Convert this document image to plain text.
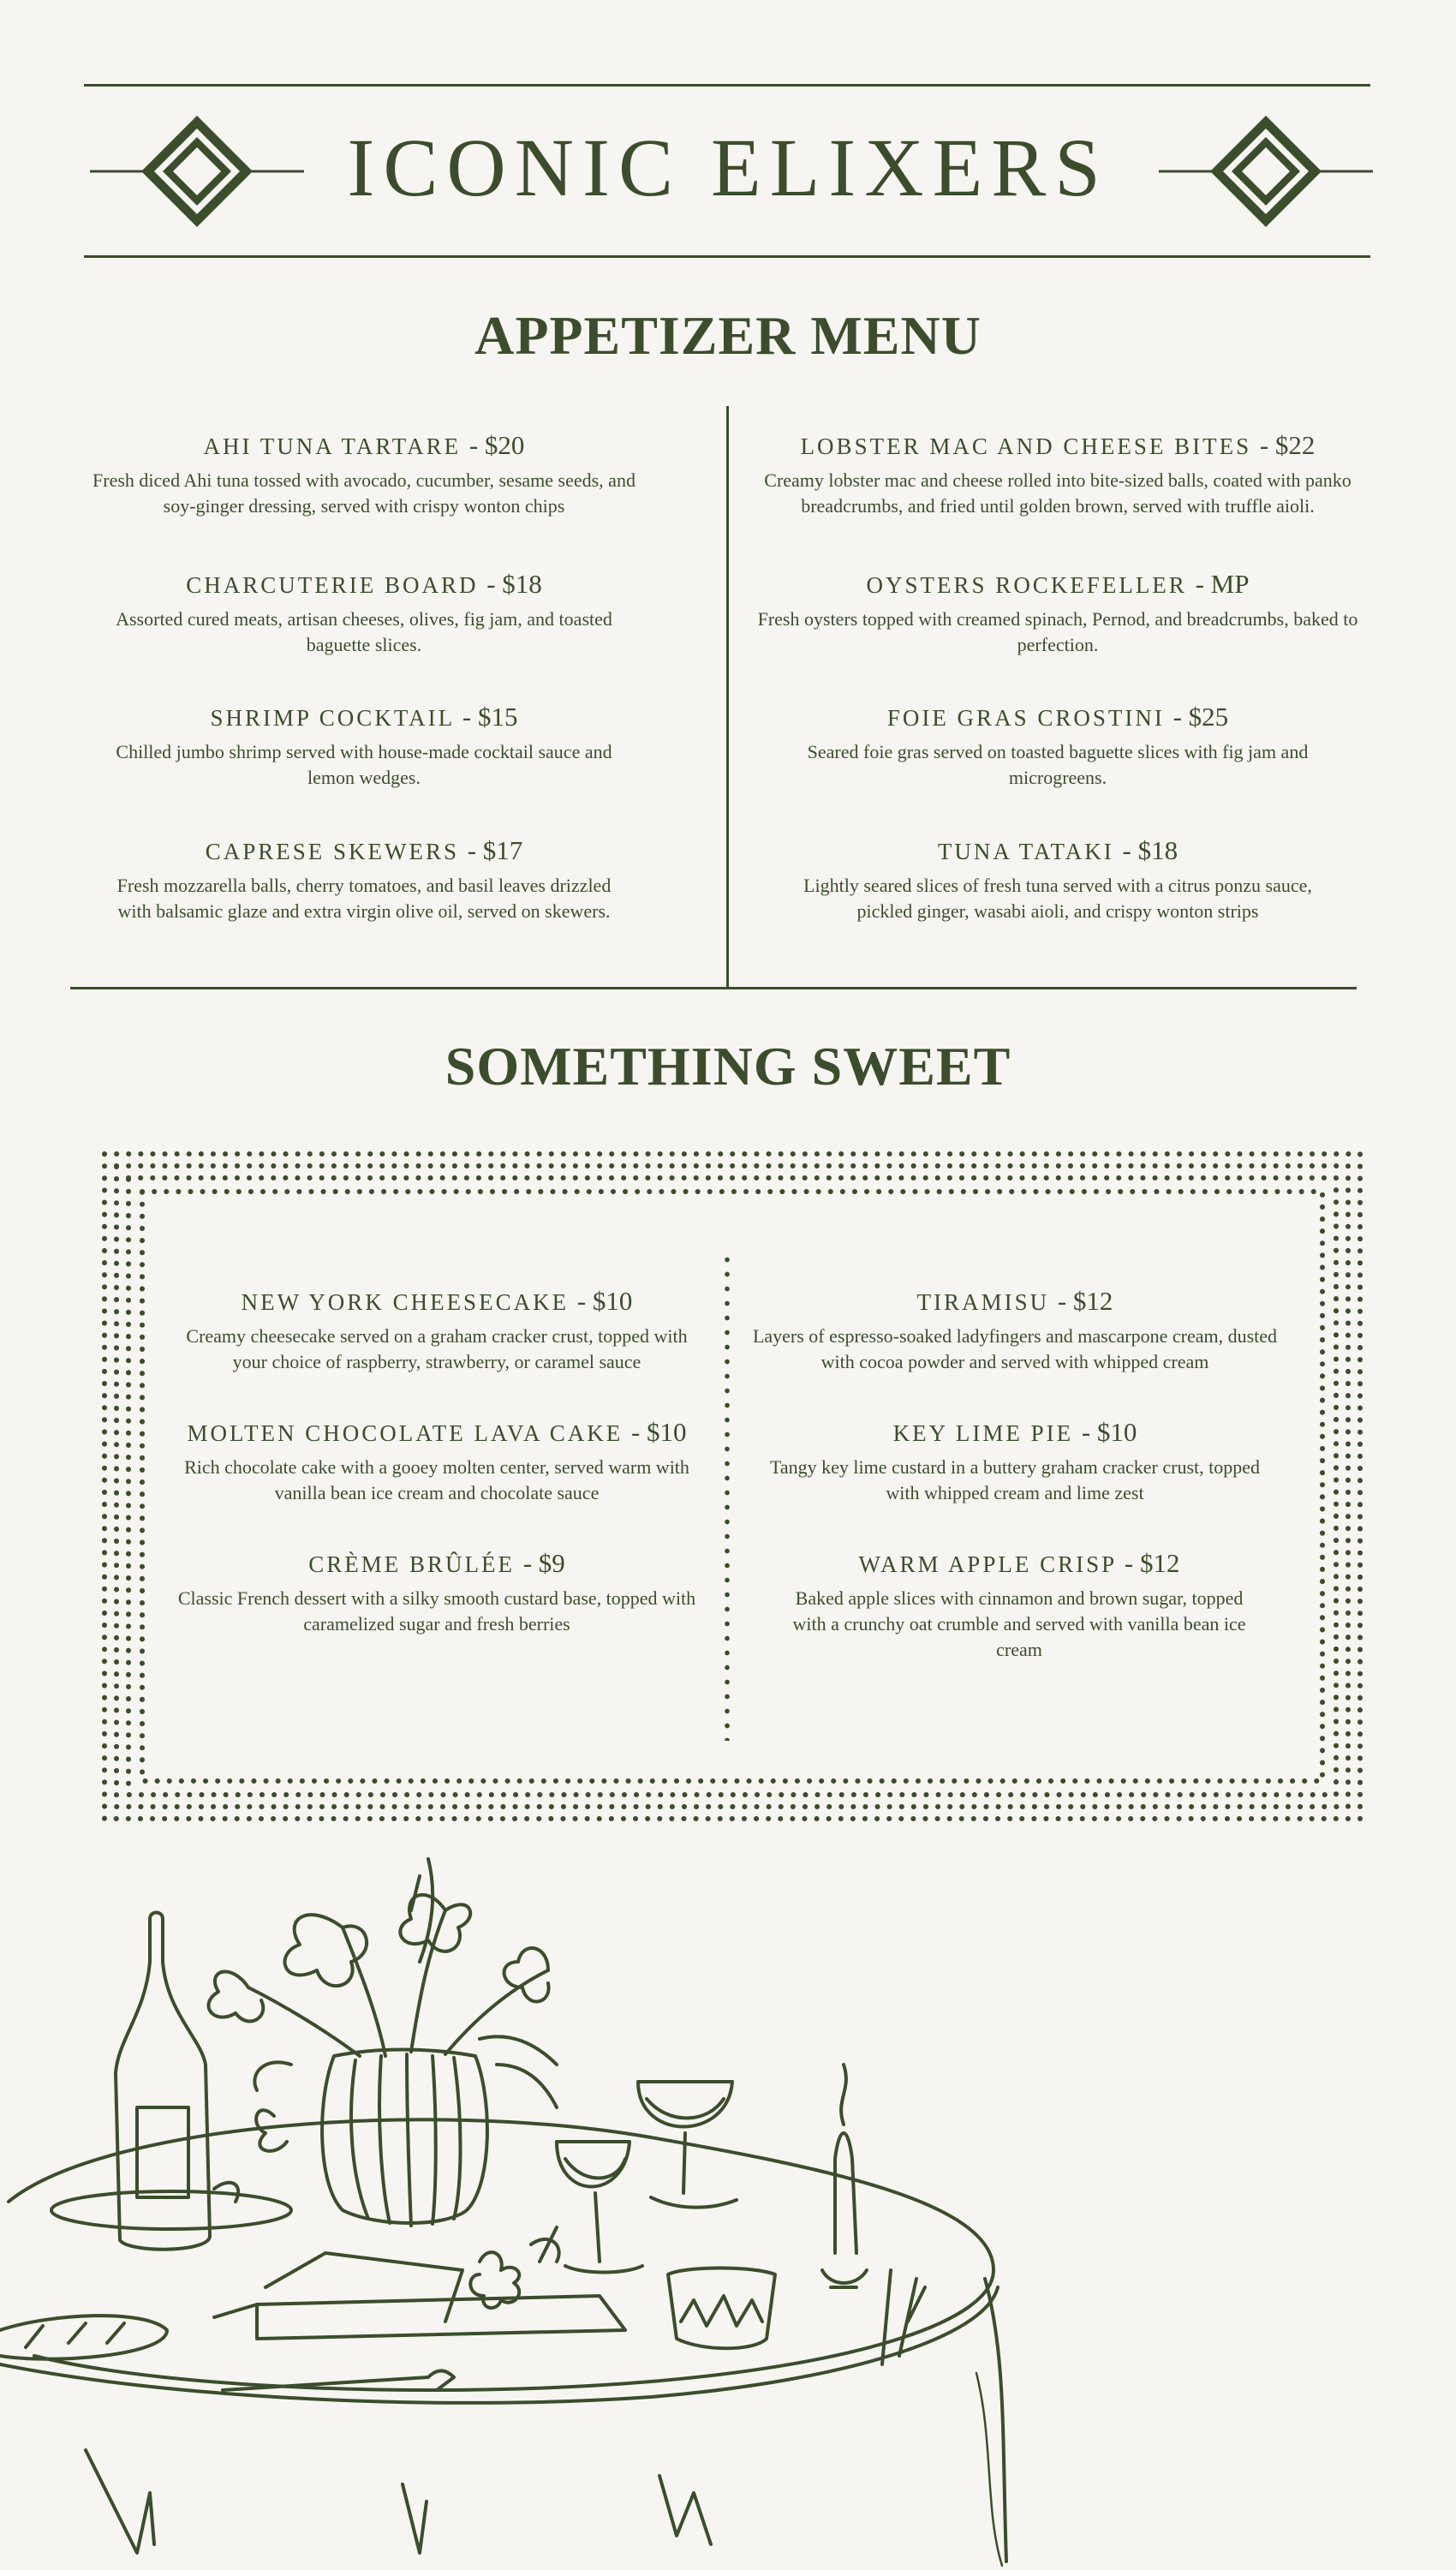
ICONIC ELIXERS
APPETIZER MENU
AHI TUNA TARTARE - $20
Fresh diced Ahi tuna tossed with avocado, cucumber, sesame seeds, and soy-ginger dressing, served with crispy wonton chips
CHARCUTERIE BOARD - $18
Assorted cured meats, artisan cheeses, olives, fig jam, and toasted baguette slices.
SHRIMP COCKTAIL - $15
Chilled jumbo shrimp served with house-made cocktail sauce and lemon wedges.
CAPRESE SKEWERS - $17
Fresh mozzarella balls, cherry tomatoes, and basil leaves drizzled with balsamic glaze and extra virgin olive oil, served on skewers.
LOBSTER MAC AND CHEESE BITES - $22
Creamy lobster mac and cheese rolled into bite-sized balls, coated with panko breadcrumbs, and fried until golden brown, served with truffle aioli.
OYSTERS ROCKEFELLER - MP
Fresh oysters topped with creamed spinach, Pernod, and breadcrumbs, baked to perfection.
FOIE GRAS CROSTINI - $25
Seared foie gras served on toasted baguette slices with fig jam and microgreens.
TUNA TATAKI - $18
Lightly seared slices of fresh tuna served with a citrus ponzu sauce, pickled ginger, wasabi aioli, and crispy wonton strips
SOMETHING SWEET
NEW YORK CHEESECAKE - $10
Creamy cheesecake served on a graham cracker crust, topped with your choice of raspberry, strawberry, or caramel sauce
MOLTEN CHOCOLATE LAVA CAKE - $10
Rich chocolate cake with a gooey molten center, served warm with vanilla bean ice cream and chocolate sauce
CRÈME BRÛLÉE - $9
Classic French dessert with a silky smooth custard base, topped with caramelized sugar and fresh berries
TIRAMISU - $12
Layers of espresso-soaked ladyfingers and mascarpone cream, dusted with cocoa powder and served with whipped cream
KEY LIME PIE - $10
Tangy key lime custard in a buttery graham cracker crust, topped with whipped cream and lime zest
WARM APPLE CRISP - $12
Baked apple slices with cinnamon and brown sugar, topped with a crunchy oat crumble and served with vanilla bean ice cream
